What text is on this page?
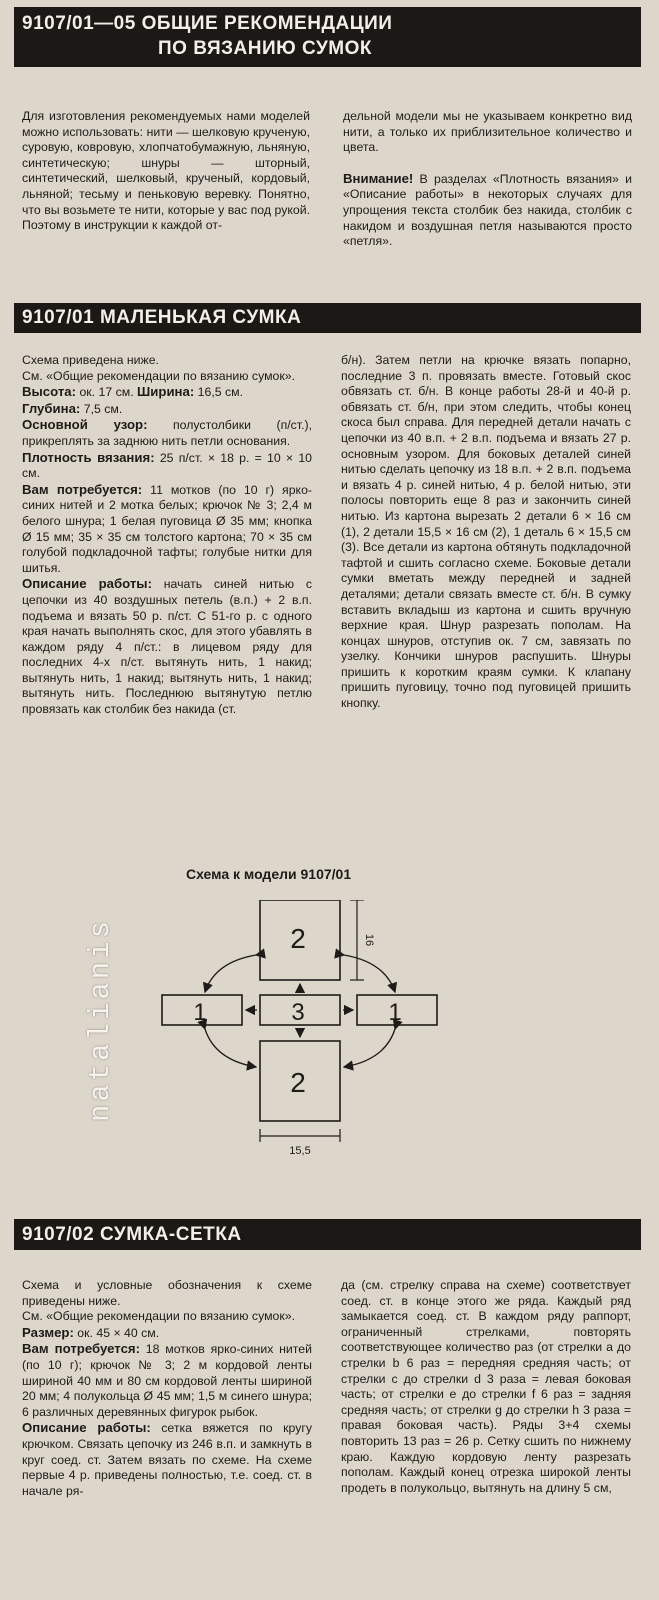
9107/01—05 ОБЩИЕ РЕКОМЕНДАЦИИ
ПО ВЯЗАНИЮ СУМОК

Для изготовления рекомендуемых нами моделей можно использовать: нити — шелковую крученую, суровую, ковровую, хлопчатобумажную, льняную, синтетическую; шнуры — шторный, синтетический, шелковый, крученый, кордовый, льняной; тесьму и пеньковую веревку. Понятно, что вы возьмете те нити, которые у вас под рукой. Поэтому в инструкции к каждой от-

дельной модели мы не указываем конкретно вид нити, а только их приблизительное количество и цвета.

Внимание! В разделах «Плотность вязания» и «Описание работы» в некоторых случаях для упрощения текста столбик без накида, столбик с накидом и воздушная петля называются просто «петля».

9107/01 МАЛЕНЬКАЯ СУМКА

Схема приведена ниже.

См. «Общие рекомендации по вязанию сумок».

Высота: ок. 17 см. Ширина: 16,5 см.

Глубина: 7,5 см.

Основной узор: полустолбики (п/ст.), прикреплять за заднюю нить петли основания.

Плотность вязания: 25 п/ст. × 18 р. = 10 × 10 см.

Вам потребуется: 11 мотков (по 10 г) ярко-синих нитей и 2 мотка белых; крючок № 3; 2,4 м белого шнура; 1 белая пуговица Ø 35 мм; кнопка Ø 15 мм; 35 × 35 см толстого картона; 70 × 35 см голубой подкладочной тафты; голубые нитки для шитья.

Описание работы: начать синей нитью с цепочки из 40 воздушных петель (в.п.) + 2 в.п. подъема и вязать 50 р. п/ст. С 51-го р. с одного края начать выполнять скос, для этого убавлять в каждом ряду 4 п/ст.: в лицевом ряду для последних 4-х п/ст. вытянуть нить, 1 накид; вытянуть нить, 1 накид; вытянуть нить, 1 накид; вытянуть нить. Последнюю вытянутую петлю провязать как столбик без накида (ст.

б/н). Затем петли на крючке вязать попарно, последние 3 п. провязать вместе. Готовый скос обвязать ст. б/н. В конце работы 28-й и 40-й р. обвязать ст. б/н, при этом следить, чтобы конец скоса был справа. Для передней детали начать с цепочки из 40 в.п. + 2 в.п. подъема и вязать 27 р. основным узором. Для боковых деталей синей нитью сделать цепочку из 18 в.п. + 2 в.п. подъема и вязать 4 р. синей нитью, 4 р. белой нитью, эти полосы повторить еще 8 раз и закончить синей нитью. Из картона вырезать 2 детали 6 × 16 см (1), 2 детали 15,5 × 16 см (2), 1 деталь 6 × 15,5 см (3). Все детали из картона обтянуть подкладочной тафтой и сшить согласно схеме. Боковые детали сумки вметать между передней и задней деталями; детали связать вместе ст. б/н. В сумку вставить вкладыш из картона и сшить вручную верхние края. Шнур разрезать пополам. На концах шнуров, отступив ок. 7 см, завязать по узелку. Кончики шнуров распушить. Шнуры пришить к коротким краям сумки. К клапану пришить пуговицу, точно под пуговицей пришить кнопку.

Схема к модели 9107/01
natalianis	2
1	3	1
2
16
15,5
9107/02 СУМКА-СЕТКА

Схема и условные обозначения к схеме приведены ниже.

См. «Общие рекомендации по вязанию сумок».

Размер: ок. 45 × 40 см.

Вам потребуется: 18 мотков ярко-синих нитей (по 10 г); крючок № 3; 2 м кордовой ленты шириной 40 мм и 80 см кордовой ленты шириной 20 мм; 4 полукольца Ø 45 мм; 1,5 м синего шнура; 6 различных деревянных фигурок рыбок.

Описание работы: сетка вяжется по кругу крючком. Связать цепочку из 246 в.п. и замкнуть в круг соед. ст. Затем вязать по схеме. На схеме первые 4 р. приведены полностью, т.е. соед. ст. в начале ря-

да (см. стрелку справа на схеме) соответствует соед. ст. в конце этого же ряда. Каждый ряд замыкается соед. ст. В каждом ряду раппорт, ограниченный стрелками, повторять соответствующее количество раз (от стрелки a до стрелки b 6 раз = передняя средняя часть; от стрелки c до стрелки d 3 раза = левая боковая часть; от стрелки e до стрелки f 6 раз = задняя средняя часть; от стрелки g до стрелки h 3 раза = правая боковая часть). Ряды 3+4 схемы повторить 13 раз = 26 р. Сетку сшить по нижнему краю. Каждую кордовую ленту разрезать пополам. Каждый конец отрезка широкой ленты продеть в полукольцо, вытянуть на длину 5 см,
